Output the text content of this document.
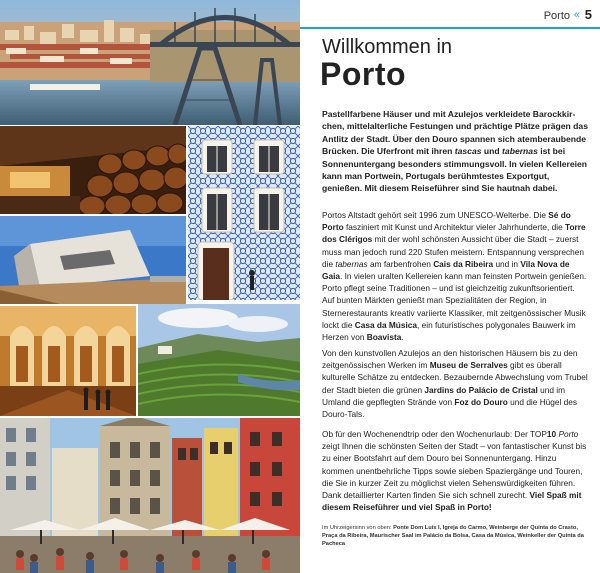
Porto « 5
Willkommen in
Porto
Pastellfarbene Häuser und mit Azulejos verkleidete Barockkirchen, mittelalterliche Festungen und prächtige Plätze prägen das Antlitz der Stadt. Über den Douro spannen sich atemberaubende Brücken. Die Uferfront mit ihren tascas und tabernas ist bei Sonnenuntergang besonders stimmungsvoll. In vielen Kellereien kann man Portwein, Portugals berühmtestes Exportgut, genießen. Mit diesem Reiseführer sind Sie hautnah dabei.
Portos Altstadt gehört seit 1996 zum UNESCO-Welterbe. Die Sé do Porto fasziniert mit Kunst und Architektur vieler Jahrhunderte, die Torre dos Clérigos mit der wohl schönsten Aussicht über die Stadt – zuerst muss man jedoch rund 220 Stufen meistern. Entspannung versprechen die tabernas am farbenfrohen Cais da Ribeira und in Vila Nova de Gaia. In vielen uralten Kellereien kann man feinsten Portwein genießen. Porto pflegt seine Traditionen – und ist gleichzeitig zukunftsorientiert. Auf bunten Märkten genießt man Spezialitäten der Region, in Sternerestaurants kreativ variierte Klassiker, mit zeitgenössischer Musik lockt die Casa da Música, ein futuristisches polygonales Bauwerk im Herzen von Boavista.
Von den kunstvollen Azulejos an den historischen Häusern bis zu den zeitgenössischen Werken im Museu de Serralves gibt es überall kulturelle Schätze zu entdecken. Bezaubernde Abwechslung vom Trubel der Stadt bieten die grünen Jardins do Palácio de Cristal und im Umland die gepflegten Strände von Foz do Douro und die Hügel des Douro-Tals.
Ob für den Wochenendtrip oder den Wochenurlaub: Der TOP10 Porto zeigt Ihnen die schönsten Seiten der Stadt – von fantastischer Kunst bis zu einer Bootsfahrt auf dem Douro bei Sonnenuntergang. Hinzu kommen unentbehrliche Tipps sowie sieben Spaziergänge und Touren, die Sie in kurzer Zeit zu möglichst vielen Sehenswürdigkeiten führen. Dank detaillierter Karten finden Sie sich schnell zurecht. Viel Spaß mit diesem Reiseführer und viel Spaß in Porto!
Im Uhrzeigersinn von oben: Ponte Dom Luís I, Igreja do Carmo, Weinberge der Quinta do Crasto, Praça da Ribeira, Maurischer Saal im Palácio da Bolsa, Casa da Música, Weinkeller der Quinta da Pacheca
